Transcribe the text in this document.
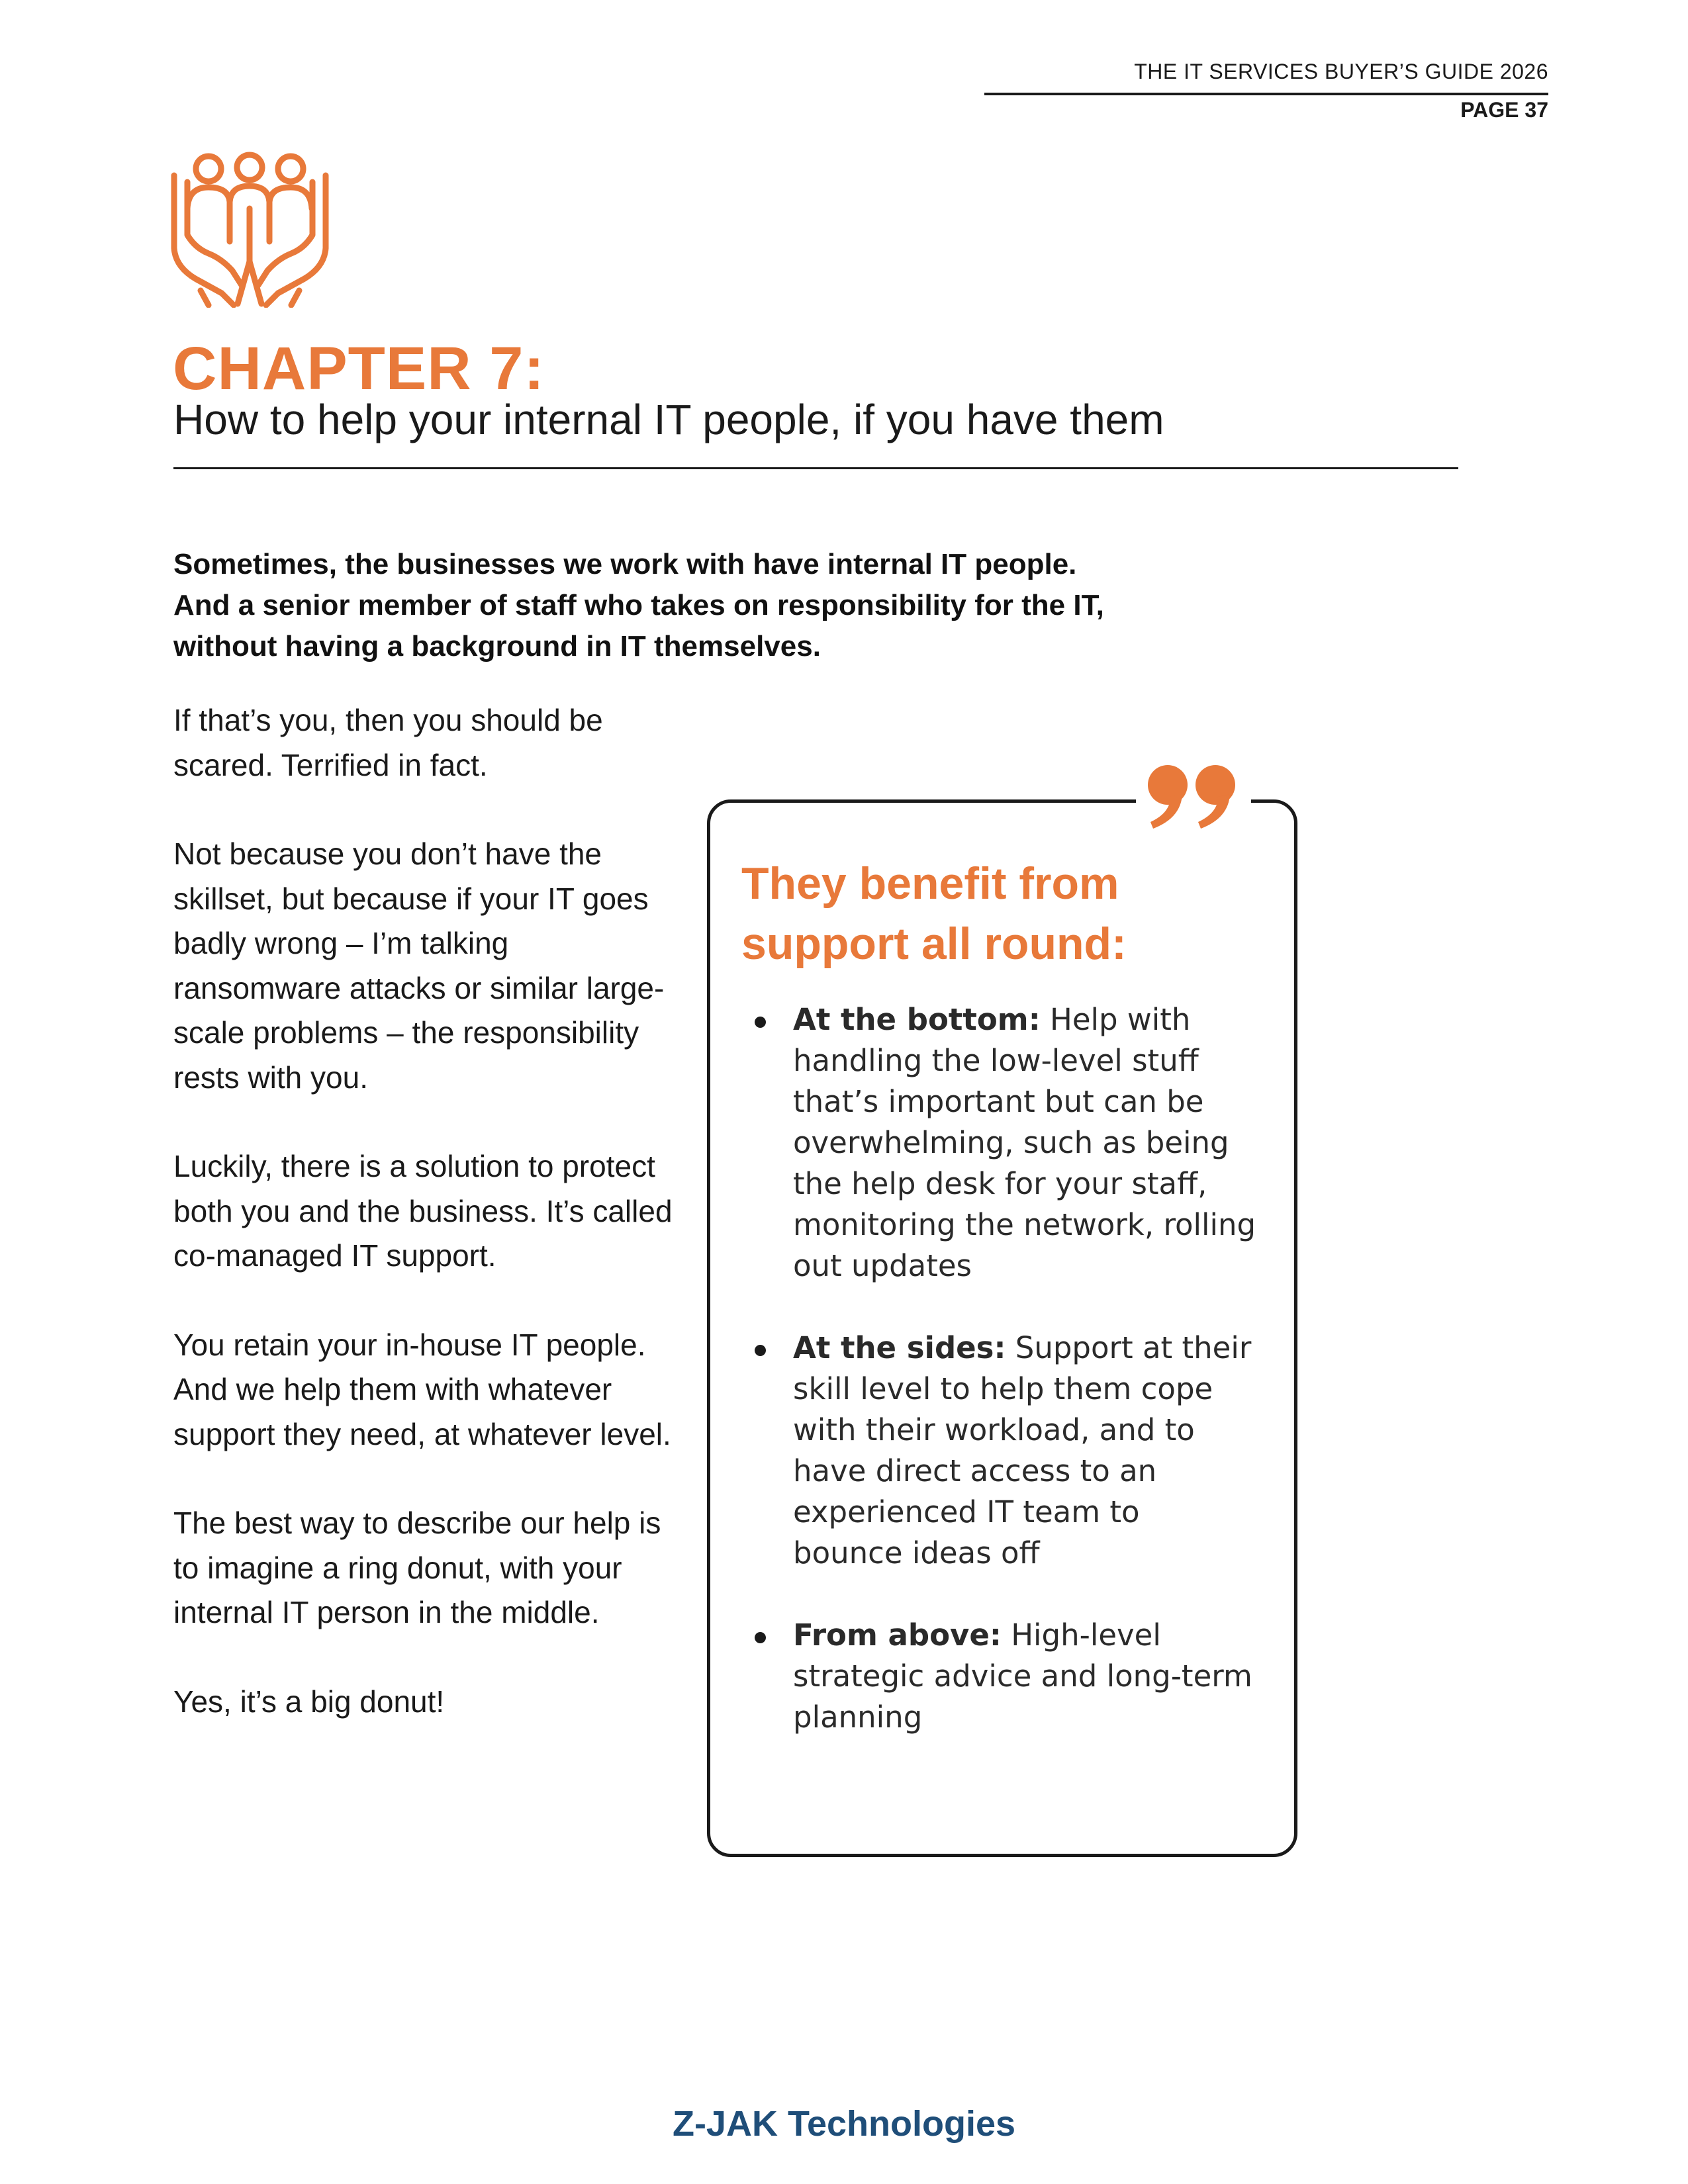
THE IT SERVICES BUYER’S GUIDE 2026
PAGE 37
CHAPTER 7:
How to help your internal IT people, if you have them
Sometimes, the businesses we work with have internal IT people.
And a senior member of staff who takes on responsibility for the IT,
without having a background in IT themselves.

If that’s you, then you should be scared. Terrified in fact.

Not because you don’t have the skillset, but because if your IT goes badly wrong – I’m talking ransomware attacks or similar large-scale problems – the responsibility rests with you.

Luckily, there is a solution to protect both you and the business. It’s called co-managed IT support.

You retain your in-house IT people. And we help them with whatever support they need, at whatever level.

The best way to describe our help is to imagine a ring donut, with your internal IT person in the middle.

Yes, it’s a big donut!

They benefit from
support all round:
At the bottom: Help with handling the low-level stuff that’s important but can be overwhelming, such as being the help desk for your staff, monitoring the network, rolling out updates
At the sides: Support at their skill level to help them cope with their workload, and to have direct access to an experienced IT team to bounce ideas off
From above: High-level strategic advice and long-term planning
Z-JAK Technologies
